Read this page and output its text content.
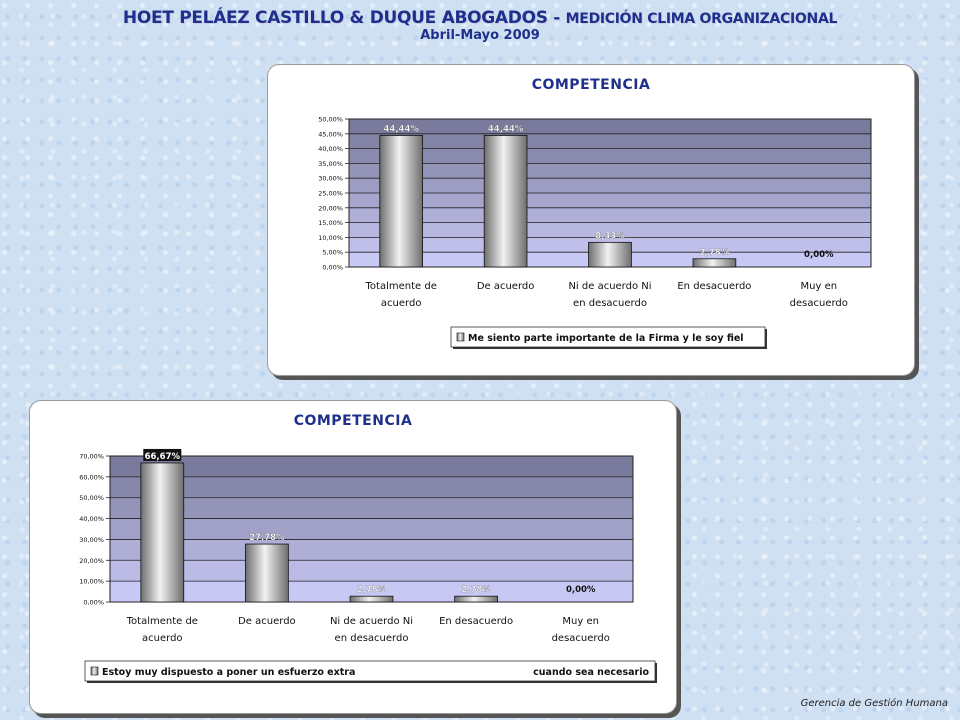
HOET PELÁEZ CASTILLO & DUQUE ABOGADOS - MEDICIÓN CLIMA ORGANIZACIONAL
Abril-Mayo 2009
COMPETENCIA
0,00%
5,00%
10,00%
15,00%
20,00%
25,00%
30,00%
35,00%
40,00%
45,00%
50,00%
44,44%
Totalmente de
acuerdo
44,44%
De acuerdo
8,33%
Ni de acuerdo Ni
en desacuerdo
2,78%
En desacuerdo
0,00%
Muy en
desacuerdo
Me siento parte importante de la Firma y le soy fiel
COMPETENCIA
0,00%
10,00%
20,00%
30,00%
40,00%
50,00%
60,00%
70,00%	66,67%
Totalmente de
acuerdo
27,78%
De acuerdo
2,78%
Ni de acuerdo Ni
en desacuerdo
2,78%
En desacuerdo
0,00%
Muy en
desacuerdo
Estoy muy dispuesto a poner un esfuerzo extra	cuando sea necesario
Gerencia de Gestión Humana
